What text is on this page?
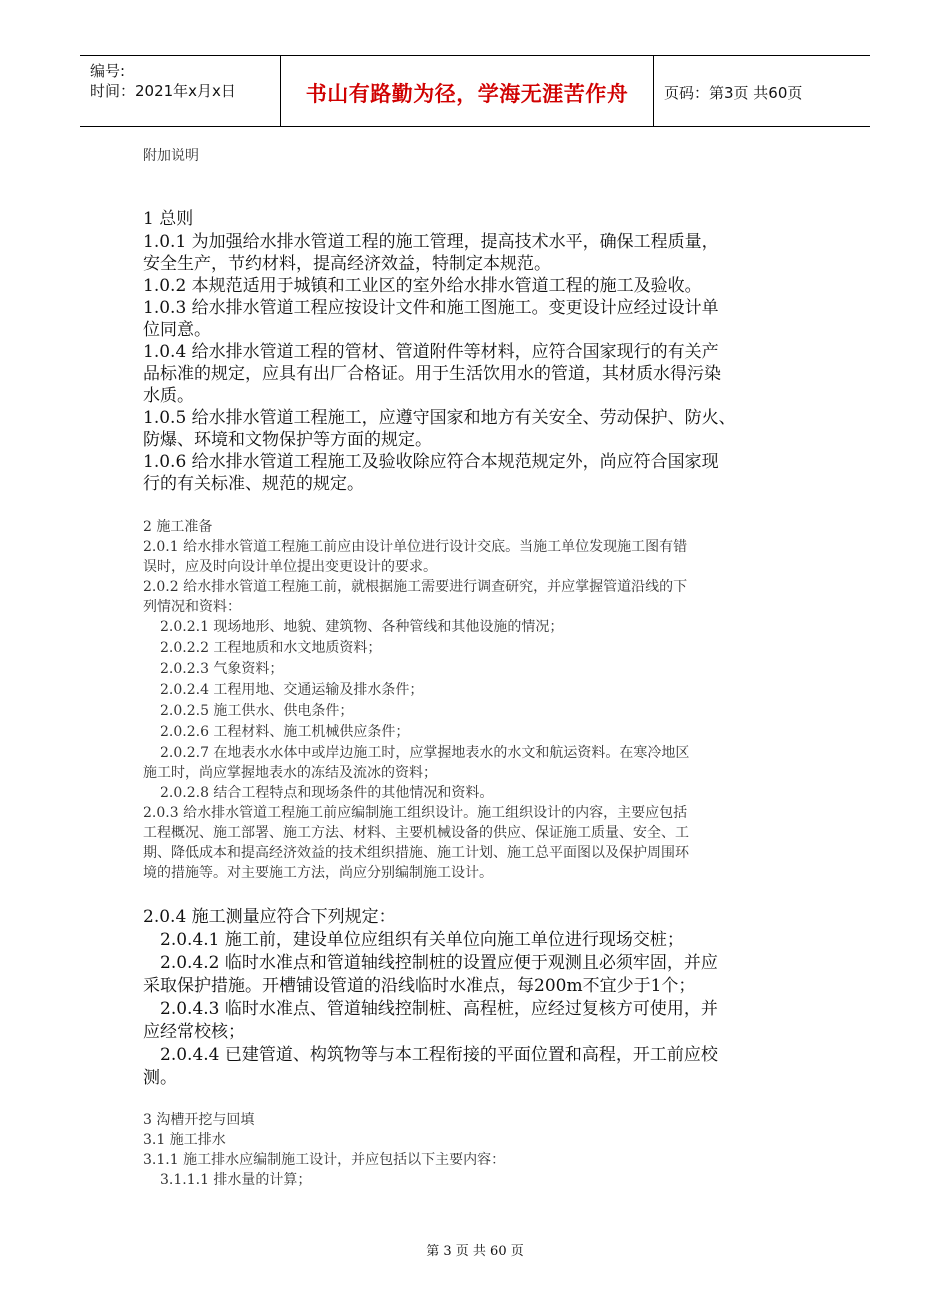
编号:
时间：2021年x月x日	书山有路勤为径，学海无涯苦作舟	页码：第3页 共60页
附加说明
1 总则
1.0.1 为加强给水排水管道工程的施工管理，提高技术水平，确保工程质量，
安全生产，节约材料，提高经济效益，特制定本规范。
1.0.2 本规范适用于城镇和工业区的室外给水排水管道工程的施工及验收。
1.0.3 给水排水管道工程应按设计文件和施工图施工。变更设计应经过设计单
位同意。
1.0.4 给水排水管道工程的管材、管道附件等材料，应符合国家现行的有关产
品标准的规定，应具有出厂合格证。用于生活饮用水的管道，其材质水得污染
水质。
1.0.5 给水排水管道工程施工，应遵守国家和地方有关安全、劳动保护、防火、
防爆、环境和文物保护等方面的规定。
1.0.6 给水排水管道工程施工及验收除应符合本规范规定外，尚应符合国家现
行的有关标准、规范的规定。
2 施工准备
2.0.1 给水排水管道工程施工前应由设计单位进行设计交底。当施工单位发现施工图有错
误时，应及时向设计单位提出变更设计的要求。
2.0.2 给水排水管道工程施工前，就根据施工需要进行调查研究，并应掌握管道沿线的下
列情况和资料：
2.0.2.1 现场地形、地貌、建筑物、各种管线和其他设施的情况；
2.0.2.2 工程地质和水文地质资料；
2.0.2.3 气象资料；
2.0.2.4 工程用地、交通运输及排水条件；
2.0.2.5 施工供水、供电条件；
2.0.2.6 工程材料、施工机械供应条件；
2.0.2.7 在地表水水体中或岸边施工时，应掌握地表水的水文和航运资料。在寒冷地区
施工时，尚应掌握地表水的冻结及流冰的资料；
2.0.2.8 结合工程特点和现场条件的其他情况和资料。
2.0.3 给水排水管道工程施工前应编制施工组织设计。施工组织设计的内容，主要应包括
工程概况、施工部署、施工方法、材料、主要机械设备的供应、保证施工质量、安全、工
期、降低成本和提高经济效益的技术组织措施、施工计划、施工总平面图以及保护周围环
境的措施等。对主要施工方法，尚应分别编制施工设计。
2.0.4 施工测量应符合下列规定：
2.0.4.1 施工前，建设单位应组织有关单位向施工单位进行现场交桩；
2.0.4.2 临时水准点和管道轴线控制桩的设置应便于观测且必须牢固，并应
采取保护措施。开槽铺设管道的沿线临时水准点，每200m不宜少于1个；
2.0.4.3 临时水准点、管道轴线控制桩、高程桩，应经过复核方可使用，并
应经常校核；
2.0.4.4 已建管道、构筑物等与本工程衔接的平面位置和高程，开工前应校
测。
3 沟槽开挖与回填
3.1 施工排水
3.1.1 施工排水应编制施工设计，并应包括以下主要内容：
3.1.1.1 排水量的计算；
第 3 页 共 60 页
